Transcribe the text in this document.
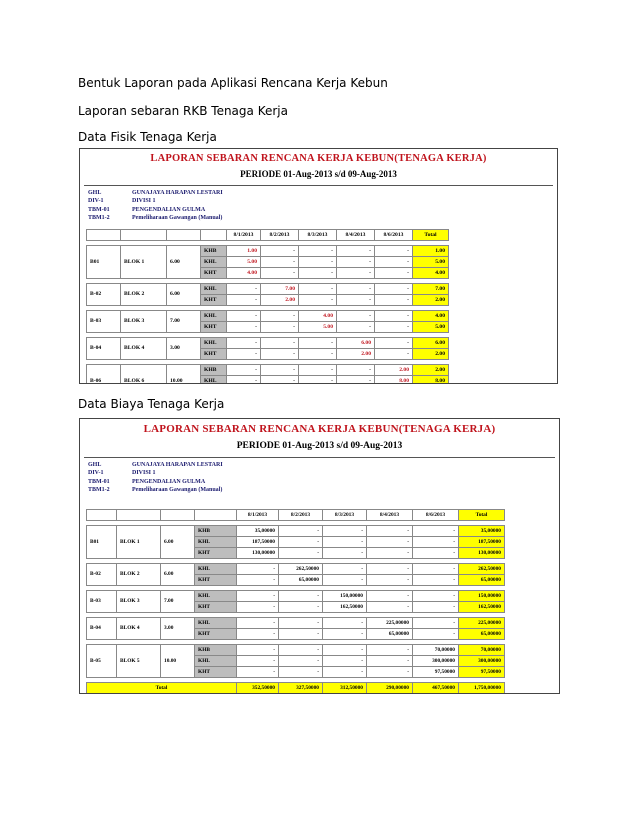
Bentuk Laporan pada Aplikasi Rencana Kerja Kebun
Laporan sebaran RKB Tenaga Kerja
Data Fisik Tenaga Kerja
LAPORAN SEBARAN RENCANA KERJA KEBUN(TENAGA KERJA)
PERIODE 01-Aug-2013 s/d 09-Aug-2013
GHL	GUNAJAYA HARAPAN LESTARI
DIV-1	DIVISI 1
TBM-01	PENGENDALIAN GULMA
TBM1-2	Pemeliharaan Gawangan (Manual)
				8/1/2013	8/2/2013	8/3/2013	8/4/2013	8/6/2013	Total

B01	BLOK 1	6.00	KHB	1.00	-	-	-	-	1.00
			KHL	5.00	-	-	-	-	5.00
			KHT	4.00	-	-	-	-	4.00

B-02	BLOK 2	6.00	KHL	-	7.00	-	-	-	7.00
			KHT	-	2.00	-	-	-	2.00

B-03	BLOK 3	7.00	KHL	-	-	4.00	-	-	4.00
			KHT	-	-	5.00	-	-	5.00

B-04	BLOK 4	3.00	KHL	-	-	-	6.00	-	6.00
			KHT	-	-	-	2.00	-	2.00

B-06	BLOK 6	10.00	KHB	-	-	-	-	2.00	2.00
			KHL	-	-	-	-	8.00	8.00

Data Biaya Tenaga Kerja
LAPORAN SEBARAN RENCANA KERJA KEBUN(TENAGA KERJA)
PERIODE 01-Aug-2013 s/d 09-Aug-2013
GHL	GUNAJAYA HARAPAN LESTARI
DIV-1	DIVISI 1
TBM-01	PENGENDALIAN GULMA
TBM1-2	Pemeliharaan Gawangan (Manual)
				8/1/2013	8/2/2013	8/3/2013	8/4/2013	8/6/2013	Total

B01	BLOK 1	6.00	KHB	35,00000	-	-	-	-	35,00000
			KHL	187,50000	-	-	-	-	187,50000
			KHT	130,00000	-	-	-	-	130,00000

B-02	BLOK 2	6.00	KHL	-	262,50000	-	-	-	262,50000
			KHT	-	65,00000	-	-	-	65,00000

B-03	BLOK 3	7.00	KHL	-	-	150,00000	-	-	150,00000
			KHT	-	-	162,50000	-	-	162,50000

B-04	BLOK 4	3.00	KHL	-	-	-	225,00000	-	225,00000
			KHT	-	-	-	65,00000	-	65,00000

B-05	BLOK 5	10.00	KHB	-	-	-	-	70,00000	70,00000
			KHL	-	-	-	-	300,00000	300,00000
			KHT	-	-	-	-	97,50000	97,50000

Total				352,50000	327,50000	312,50000	290,00000	467,50000	1,750,00000
